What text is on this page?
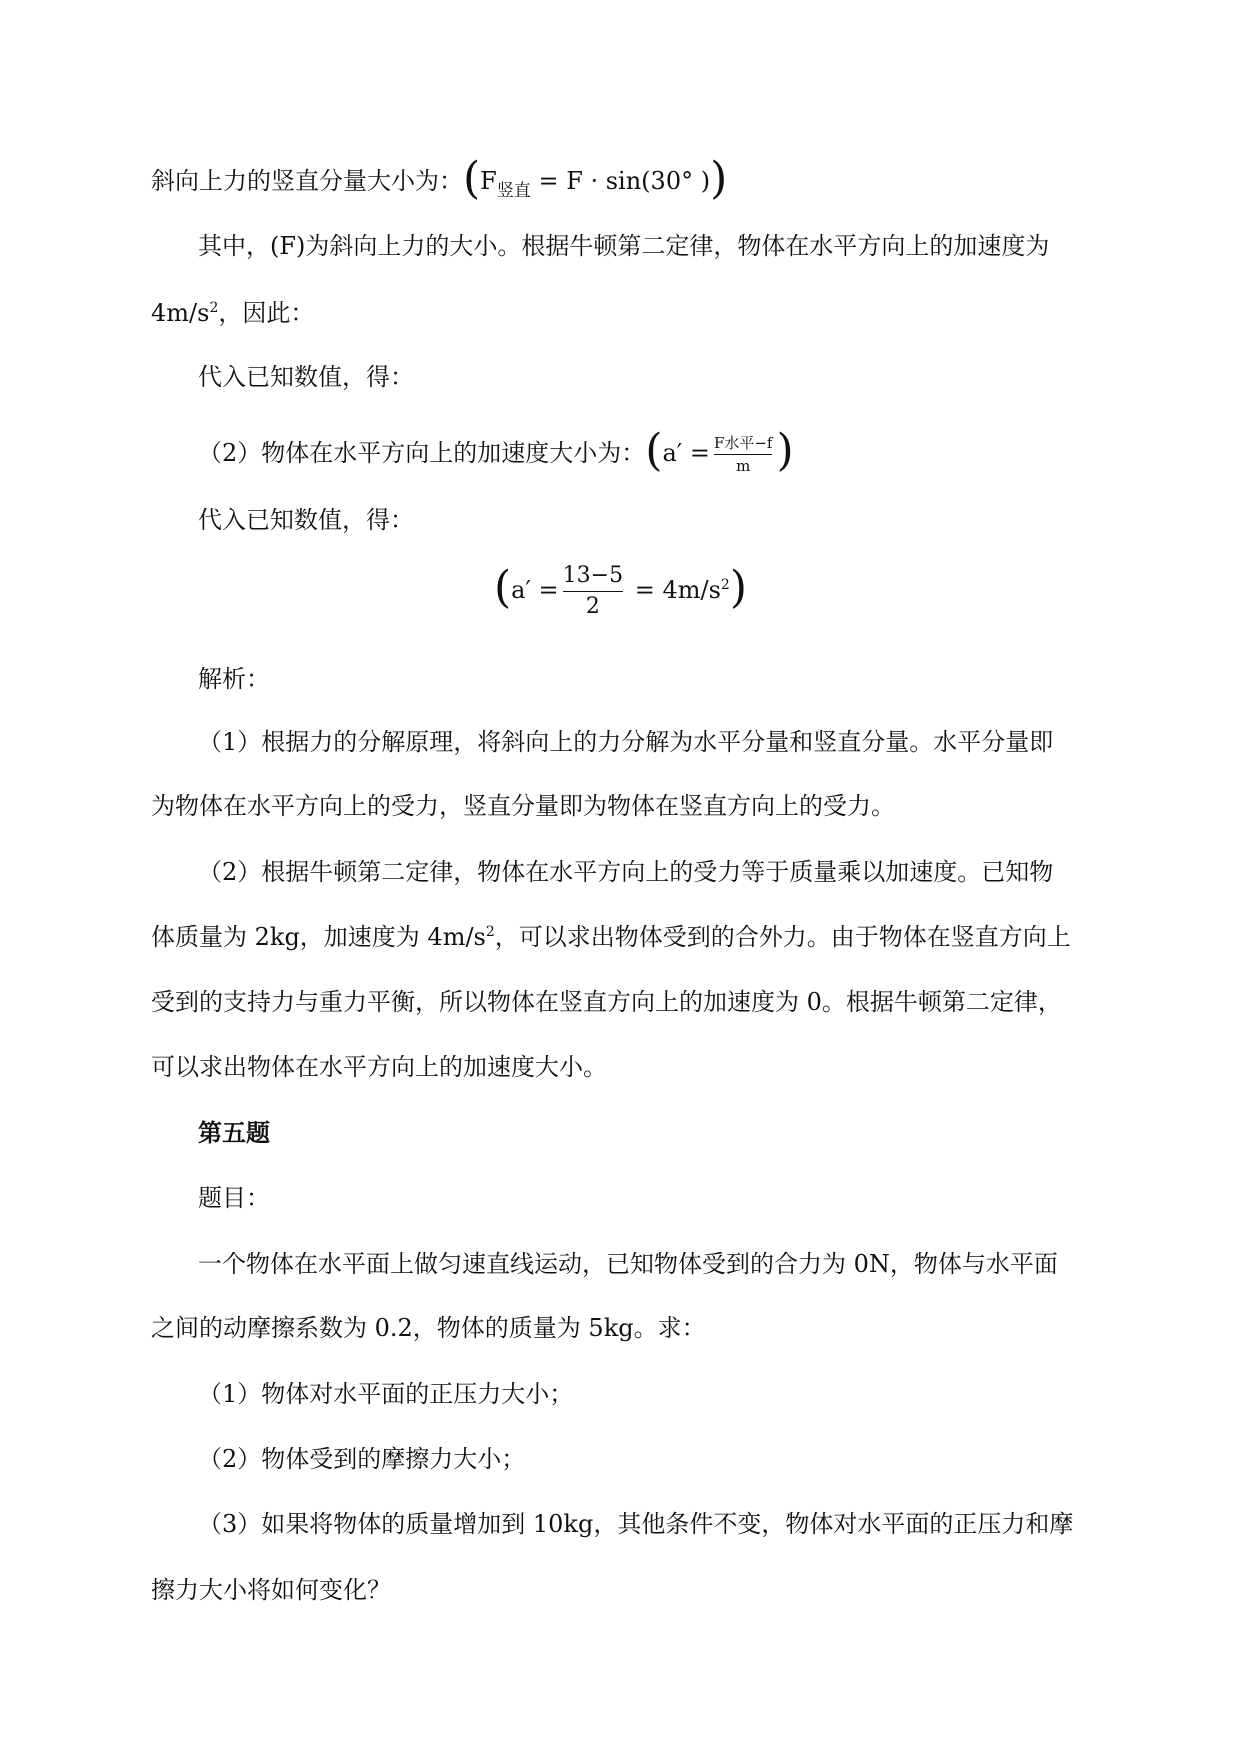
斜向上力的竖直分量大小为：($F_{竖直} = F \cdot \sin(30^\circ$ ))
其中，(F)为斜向上力的大小。根据牛顿第二定律，物体在水平方向上的加速度为
$4m/s^2$，因此：
代入已知数值，得：
（2）物体在水平方向上的加速度大小为：($a' = \frac{\text{F水平−f}}{m}$ )
代入已知数值，得：
$(a' = \frac{13-5}{2} = 4m/s^2)$
解析：
（1）根据力的分解原理，将斜向上的力分解为水平分量和竖直分量。水平分量即
为物体在水平方向上的受力，竖直分量即为物体在竖直方向上的受力。
（2）根据牛顿第二定律，物体在水平方向上的受力等于质量乘以加速度。已知物
体质量为 2kg，加速度为 $4m/s^2$，可以求出物体受到的合外力。由于物体在竖直方向上
受到的支持力与重力平衡，所以物体在竖直方向上的加速度为 0。根据牛顿第二定律，
可以求出物体在水平方向上的加速度大小。
第五题
题目：
一个物体在水平面上做匀速直线运动，已知物体受到的合力为 0N，物体与水平面
之间的动摩擦系数为 0.2，物体的质量为 5kg。求：
（1）物体对水平面的正压力大小；
（2）物体受到的摩擦力大小；
（3）如果将物体的质量增加到 10kg，其他条件不变，物体对水平面的正压力和摩
擦力大小将如何变化？
